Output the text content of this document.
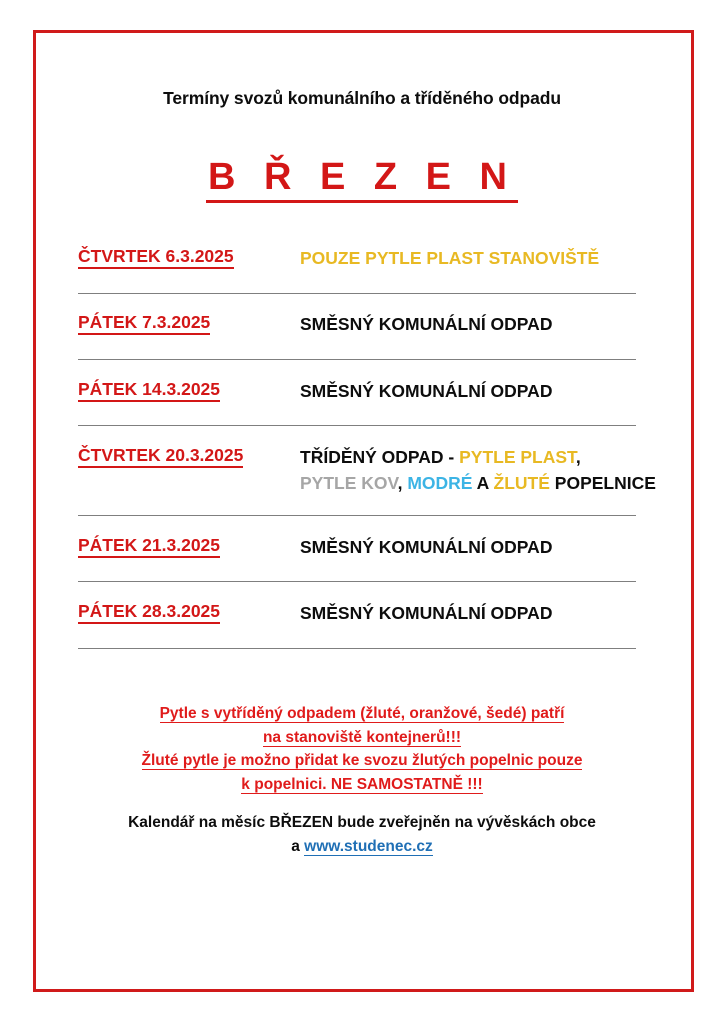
Termíny svozů komunálního a tříděného odpadu
B Ř E Z E N
ČTVRTEK 6.3.2025	POUZE PYTLE PLAST STANOVIŠTĚ
PÁTEK 7.3.2025	SMĚSNÝ KOMUNÁLNÍ ODPAD
PÁTEK 14.3.2025	SMĚSNÝ KOMUNÁLNÍ ODPAD
ČTVRTEK 20.3.2025	TŘÍDĚNÝ ODPAD - PYTLE PLAST,
PYTLE KOV, MODRÉ A ŽLUTÉ POPELNICE
PÁTEK 21.3.2025	SMĚSNÝ KOMUNÁLNÍ ODPAD
PÁTEK 28.3.2025	SMĚSNÝ KOMUNÁLNÍ ODPAD
Pytle s vytříděný odpadem (žluté, oranžové, šedé) patří
na stanoviště kontejnerů!!!
Žluté pytle je možno přidat ke svozu žlutých popelnic pouze
k popelnici. NE SAMOSTATNĚ !!!
Kalendář na měsíc BŘEZEN bude zveřejněn na vývěskách obce
a www.studenec.cz
